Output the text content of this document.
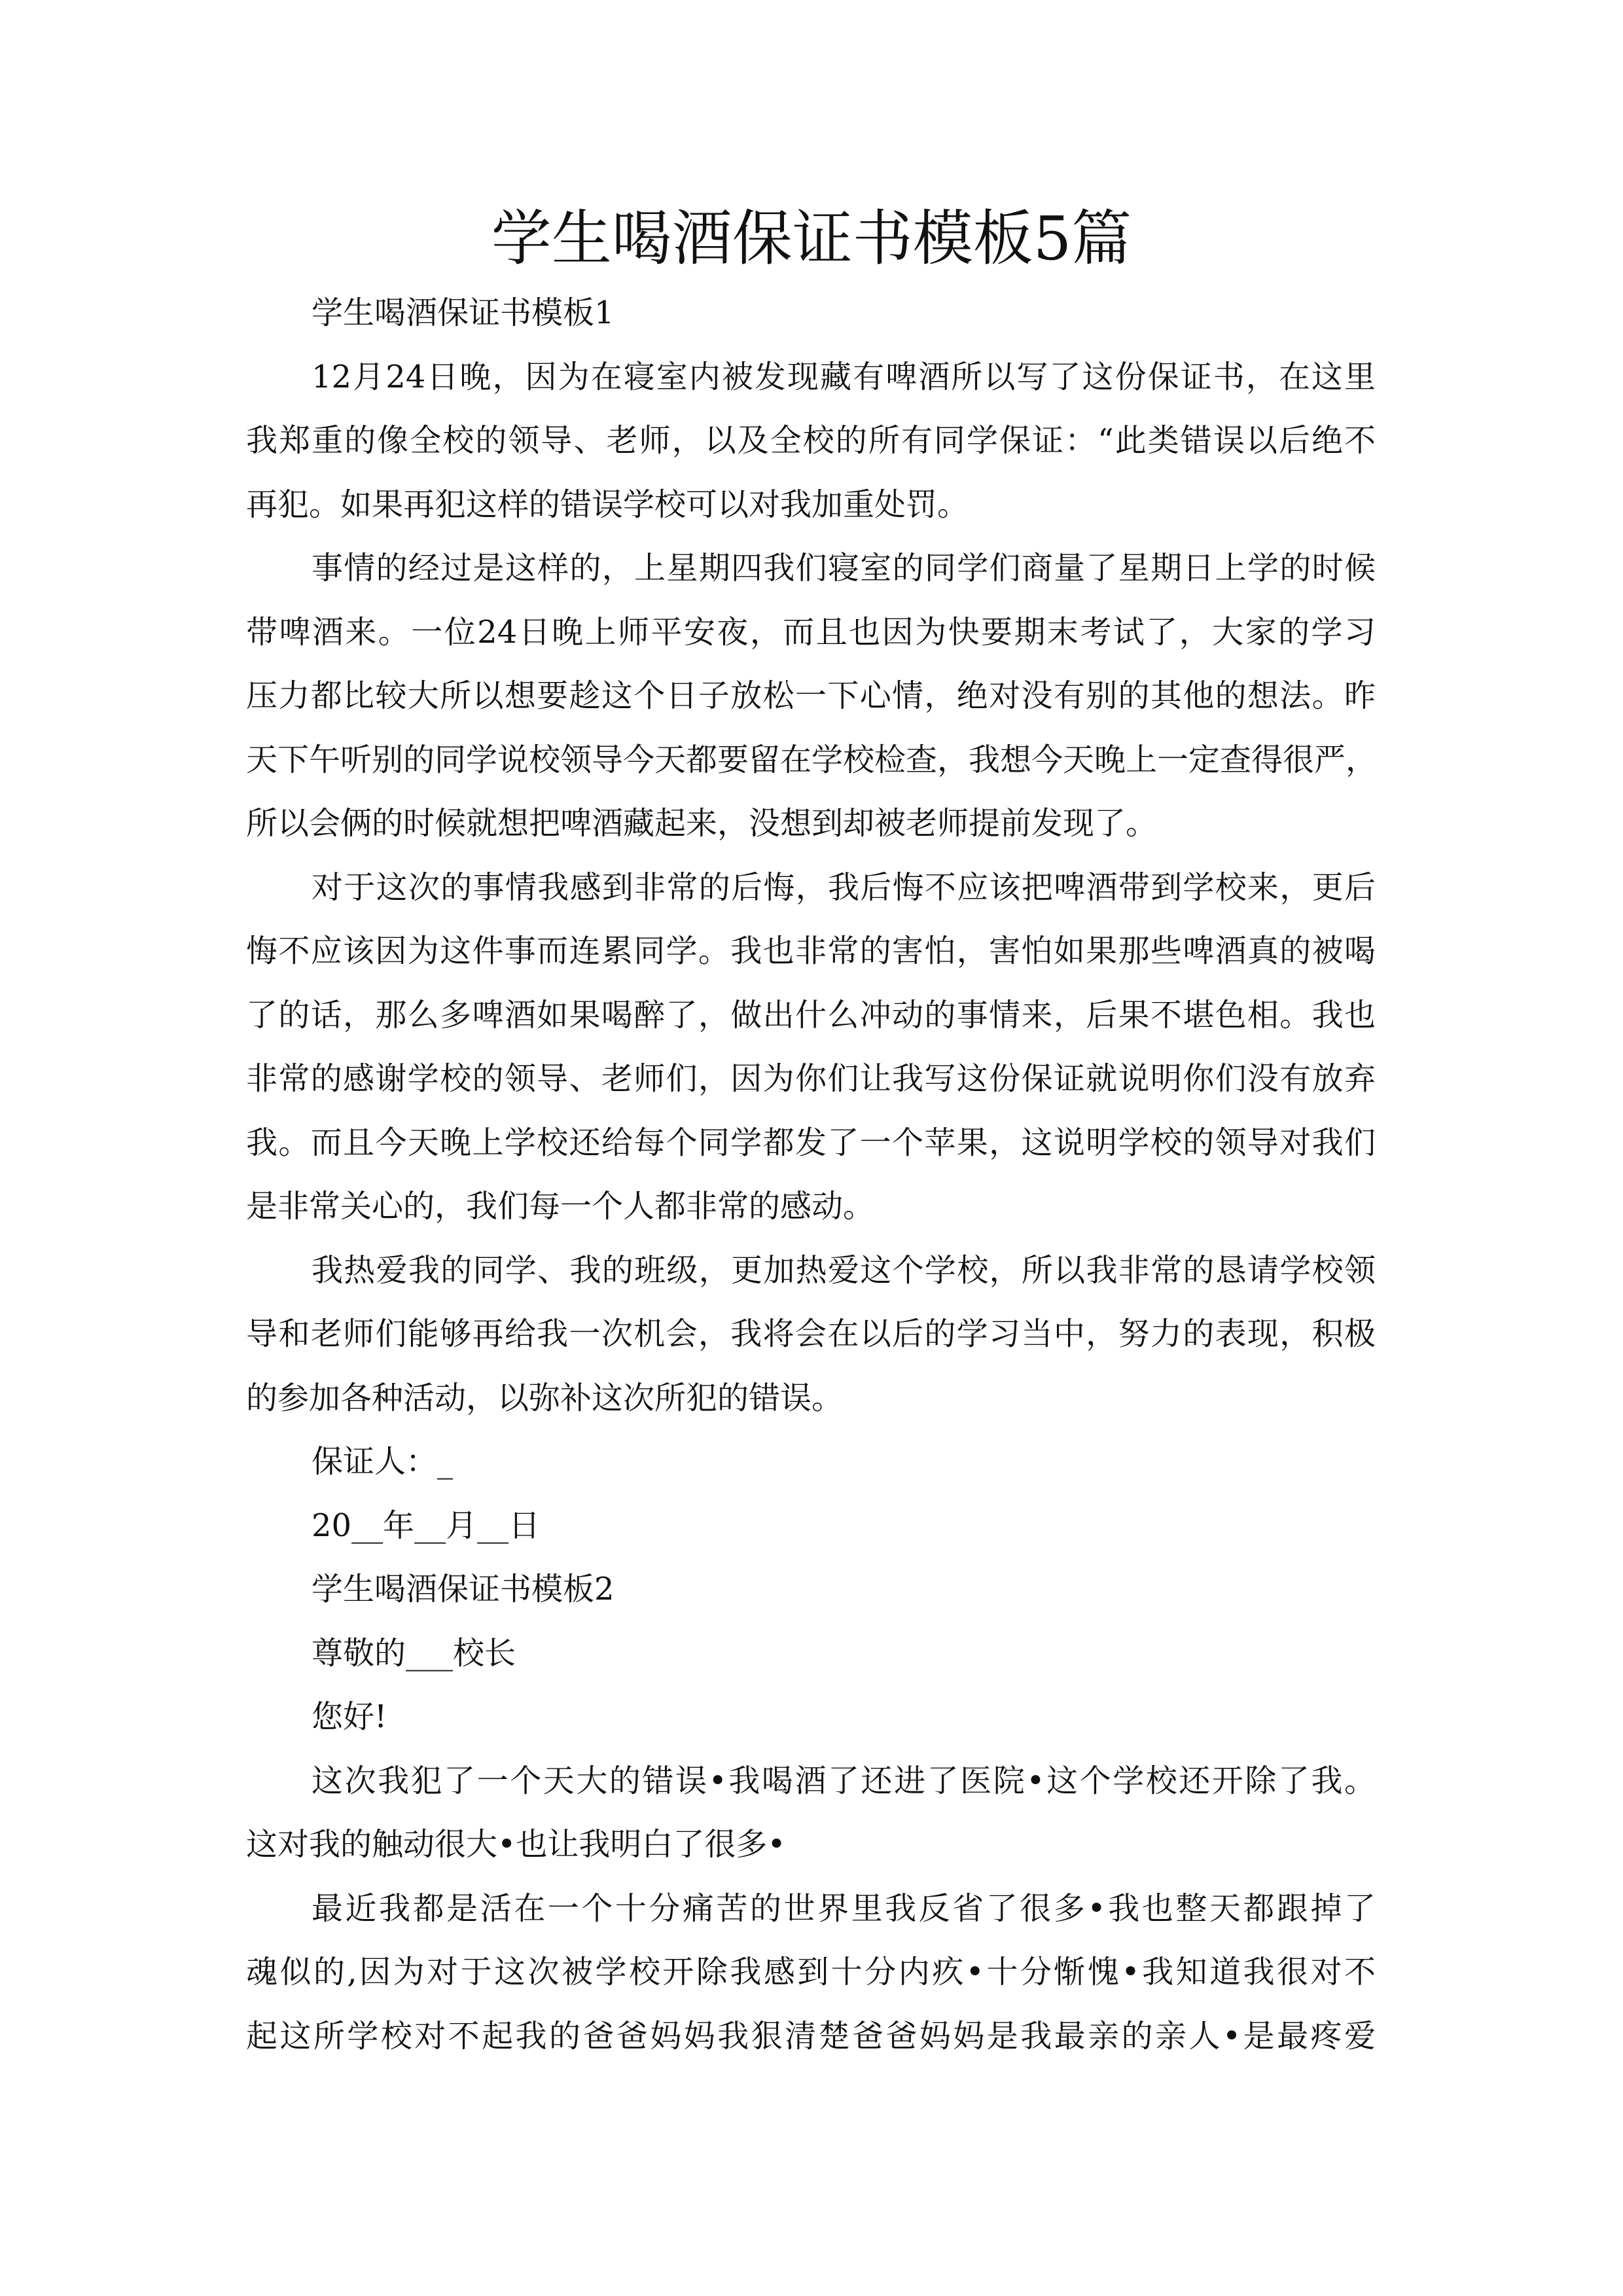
学生喝酒保证书模板5篇
学生喝酒保证书模板1
12月24日晚，因为在寝室内被发现藏有啤酒所以写了这份保证书，在这里
我郑重的像全校的领导、老师，以及全校的所有同学保证：“此类错误以后绝不
再犯。如果再犯这样的错误学校可以对我加重处罚。
事情的经过是这样的，上星期四我们寝室的同学们商量了星期日上学的时候
带啤酒来。一位24日晚上师平安夜，而且也因为快要期末考试了，大家的学习
压力都比较大所以想要趁这个日子放松一下心情，绝对没有别的其他的想法。昨
天下午听别的同学说校领导今天都要留在学校检查，我想今天晚上一定查得很严，
所以会俩的时候就想把啤酒藏起来，没想到却被老师提前发现了。
对于这次的事情我感到非常的后悔，我后悔不应该把啤酒带到学校来，更后
悔不应该因为这件事而连累同学。我也非常的害怕，害怕如果那些啤酒真的被喝
了的话，那么多啤酒如果喝醉了，做出什么冲动的事情来，后果不堪色相。我也
非常的感谢学校的领导、老师们，因为你们让我写这份保证就说明你们没有放弃
我。而且今天晚上学校还给每个同学都发了一个苹果，这说明学校的领导对我们
是非常关心的，我们每一个人都非常的感动。
我热爱我的同学、我的班级，更加热爱这个学校，所以我非常的恳请学校领
导和老师们能够再给我一次机会，我将会在以后的学习当中，努力的表现，积极
的参加各种活动，以弥补这次所犯的错误。
保证人：_
20__年__月__日
学生喝酒保证书模板2
尊敬的___校长
您好!
这次我犯了一个天大的错误•我喝酒了还进了医院•这个学校还开除了我。
这对我的触动很大•也让我明白了很多•
最近我都是活在一个十分痛苦的世界里我反省了很多•我也整天都跟掉了
魂似的,因为对于这次被学校开除我感到十分内疚•十分惭愧•我知道我很对不
起这所学校对不起我的爸爸妈妈我狠清楚爸爸妈妈是我最亲的亲人•是最疼爱
